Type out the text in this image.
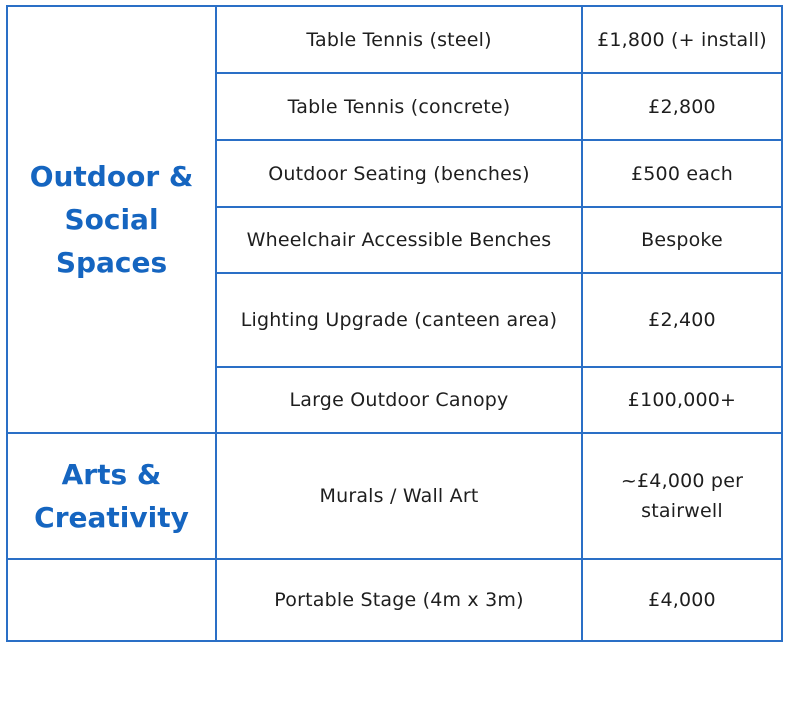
Outdoor &
Social
Spaces	Table Tennis (steel)	£1,800 (+ install)
	Table Tennis (concrete)	£2,800
	Outdoor Seating (benches)	£500 each
	Wheelchair Accessible Benches	Bespoke
	Lighting Upgrade (canteen area)	£2,400
	Large Outdoor Canopy	£100,000+

Arts &
Creativity	Murals / Wall Art	~£4,000 per stairwell
	Portable Stage (4m x 3m)	£4,000
